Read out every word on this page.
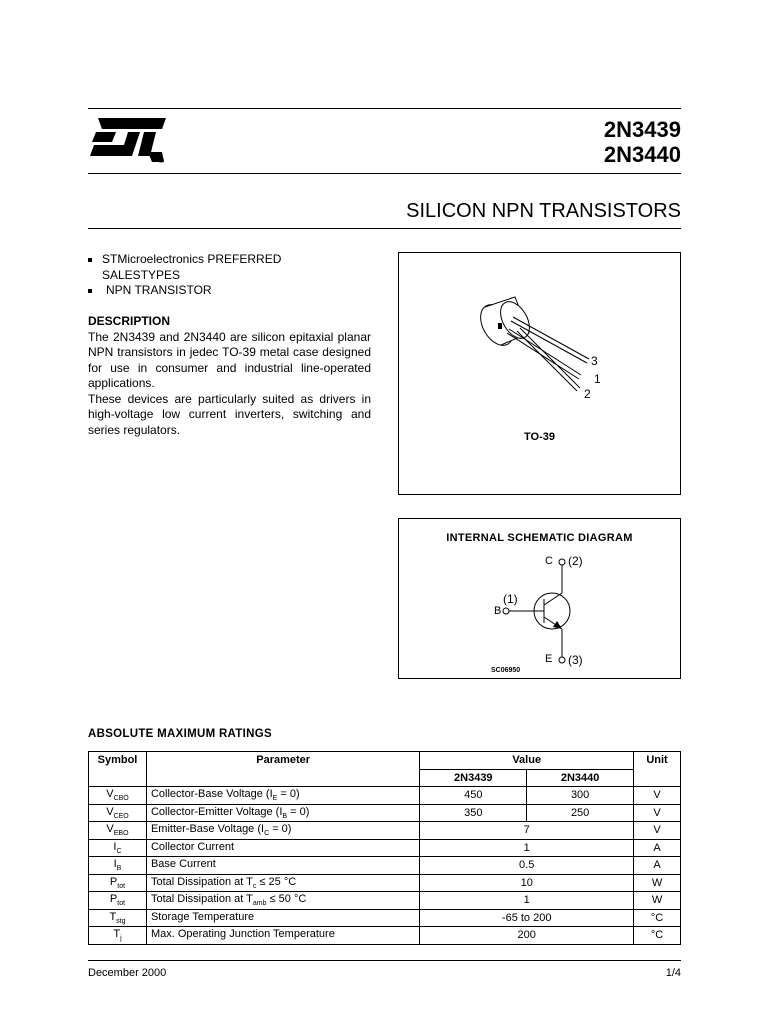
®
2N3439
2N3440
SILICON NPN TRANSISTORS
STMicroelectronics PREFERRED SALESTYPES
NPN TRANSISTOR
DESCRIPTION

The 2N3439 and 2N3440 are silicon epitaxial planar NPN transistors in jedec TO-39 metal case designed for use in consumer and industrial line-operated applications.

These devices are particularly suited as drivers in high-voltage low current inverters, switching and series regulators.

3
1
2
TO-39
INTERNAL SCHEMATIC DIAGRAM
C (2)
B
(1)
E (3)
SC06950
ABSOLUTE MAXIMUM RATINGS
Symbol	Parameter	Value		Unit
		2N3439	2N3440	
$V_{CBO}$	Collector-Base Voltage $(I_E = 0)$	450	300	V
$V_{CEO}$	Collector-Emitter Voltage $(I_B = 0)$	350	250	V
$V_{EBO}$	Emitter-Base Voltage $(I_C = 0)$	7		V
$I_C$	Collector Current	1		A
$I_B$	Base Current	0.5		A
$P_{tot}$	Total Dissipation at $T_c \le 25$ °C	10		W
$P_{tot}$	Total Dissipation at $T_{amb} \le 50$ °C	1		W
$T_{stg}$	Storage Temperature	-65 to 200		°C
$T_j$	Max. Operating Junction Temperature	200		°C
December 2000	1/4
